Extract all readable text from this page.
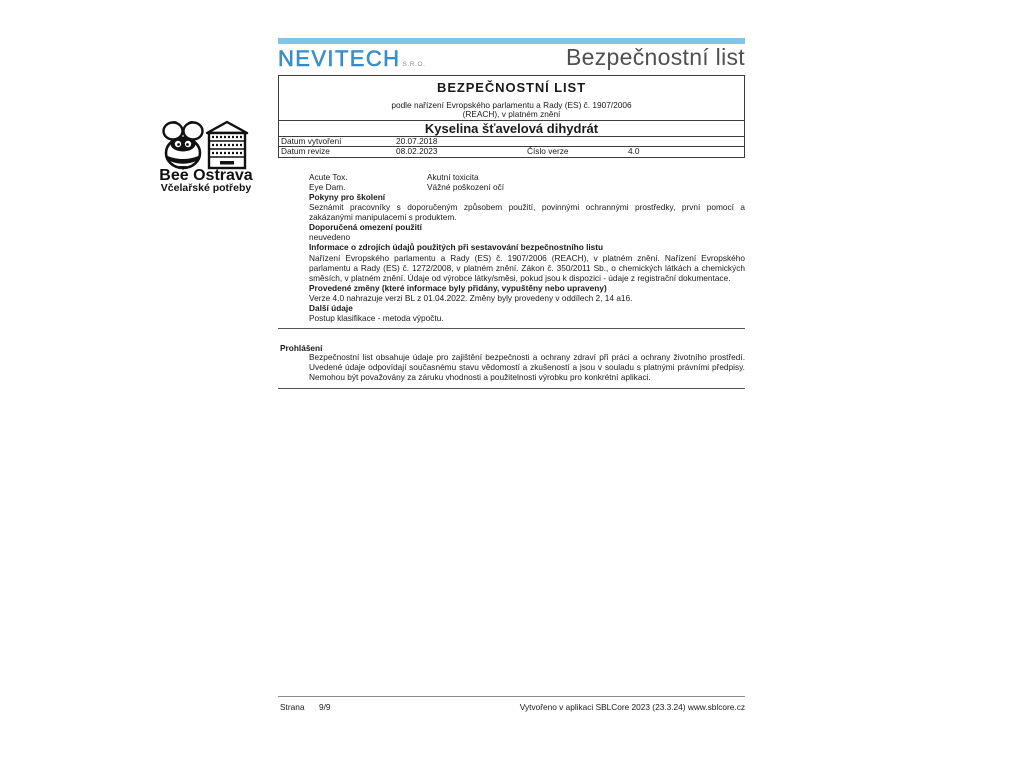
NEVITECH S.R.O.	Bezpečnostní list
BEZPEČNOSTNÍ LIST
podle nařízení Evropského parlamentu a Rady (ES) č. 1907/2006
(REACH), v platném znění
Kyselina šťavelová dihydrát
Datum vytvoření	20.07.2018
Datum revize	08.02.2023	Číslo verze	4.0
Bee Ostrava
Včelařské potřeby
Acute Tox.	Akutní toxicita
Eye Dam.	Vážné poškození očí
Pokyny pro školení
Seznámit pracovníky s doporučeným způsobem použití, povinnými ochrannými prostředky, první pomocí a
zakázanými manipulacemi s produktem.
Doporučená omezení použití
neuvedeno
Informace o zdrojích údajů použitých při sestavování bezpečnostního listu
Nařízení Evropského parlamentu a Rady (ES) č. 1907/2006 (REACH), v platném znění. Nařízení Evropského
parlamentu a Rady (ES) č. 1272/2008, v platném znění. Zákon č. 350/2011 Sb., o chemických látkách a chemických
směsích, v platném znění. Údaje od výrobce látky/směsi, pokud jsou k dispozici - údaje z registrační dokumentace.
Provedené změny (které informace byly přidány, vypuštěny nebo upraveny)
Verze 4.0 nahrazuje verzi BL z 01.04.2022. Změny byly provedeny v oddílech 2, 14 a16.
Další údaje
Postup klasifikace - metoda výpočtu.
Prohlášení
Bezpečnostní list obsahuje údaje pro zajištění bezpečnosti a ochrany zdraví při práci a ochrany životního prostředí.
Uvedené údaje odpovídají současnému stavu vědomostí a zkušeností a jsou v souladu s platnými právními předpisy.
Nemohou být považovány za záruku vhodnosti a použitelnosti výrobku pro konkrétní aplikaci.
Strana 9/9	Vytvořeno v aplikaci SBLCore 2023 (23.3.24) www.sblcore.cz
